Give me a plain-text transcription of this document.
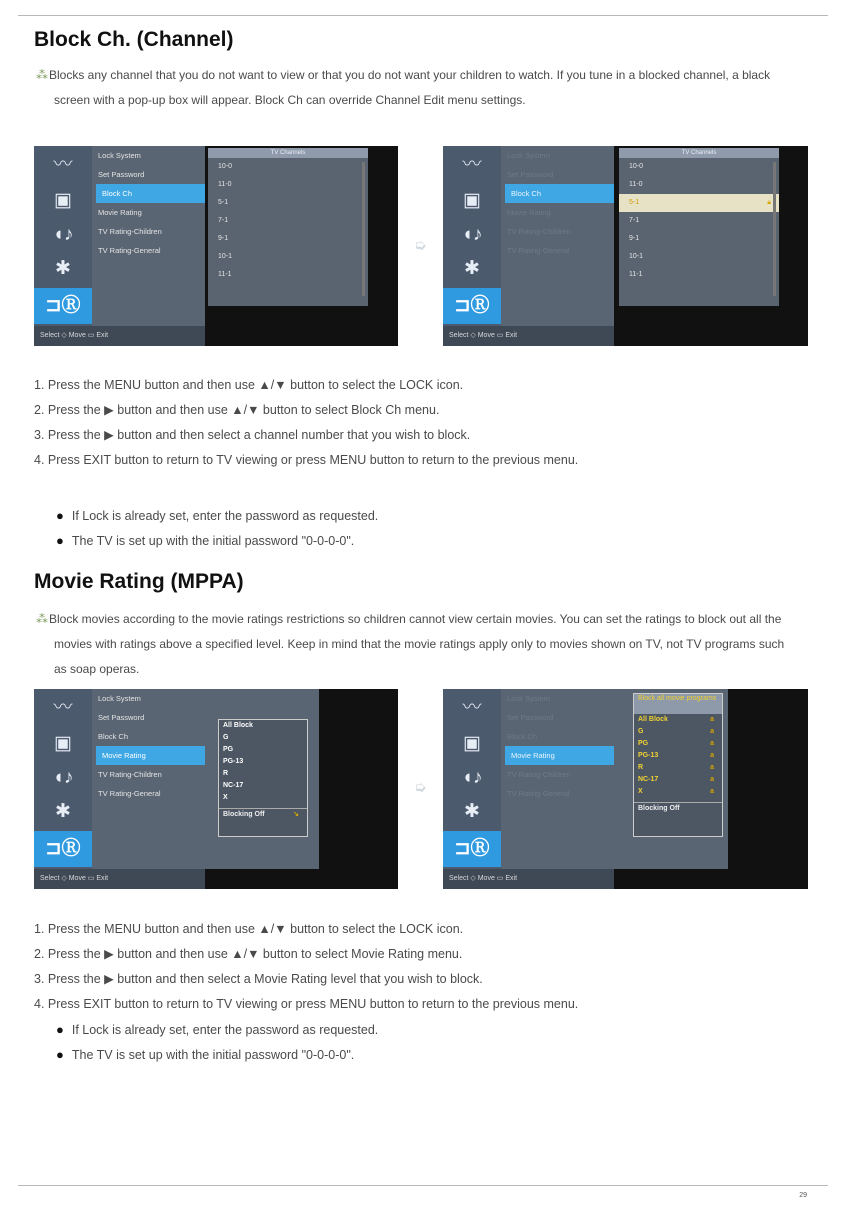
Block Ch. (Channel)

⁂ Blocks any channel that you do not want to view or that you do not want your children to watch. If you tune in a blocked channel, a black screen with a pop-up box will appear. Block Ch can override Channel Edit menu settings.

〰
▣
◖♪
✱
⊐Ⓡ
Lock System
Set Password
Block Ch
Movie Rating
TV Rating-Children
TV Rating-General
TV Channels
10-0
11-0
5-1
7-1
9-1
10-1
11-1
Select ◇ Move ▭ Exit
➭
〰
▣
◖♪
✱
⊐Ⓡ
Lock System
Set Password
Block Ch
Movie Rating
TV Rating-Children
TV Rating-General
TV Channels
10-0
11-0
5-1	🔒︎
7-1
9-1
10-1
11-1
Select ◇ Move ▭ Exit
1. Press the MENU button and then use ▲/▼ button to select the LOCK icon.
2. Press the ▶ button and then use ▲/▼ button to select Block Ch menu.
3. Press the ▶ button and then select a channel number that you wish to block.
4. Press EXIT button to return to TV viewing or press MENU button to return to the previous menu.
● If Lock is already set, enter the password as requested.
● The TV is set up with the initial password "0-0-0-0".
Movie Rating (MPPA)

⁂ Block movies according to the movie ratings restrictions so children cannot view certain movies. You can set the ratings to block out all the movies with ratings above a specified level. Keep in mind that the movie ratings apply only to movies shown on TV, not TV programs such as soap operas.

〰
▣
◖♪
✱
⊐Ⓡ
Lock System
Set Password
Block Ch
Movie Rating
TV Rating-Children
TV Rating-General
All Block
G
PG
PG-13
R
NC-17
X
Blocking Off	↘
Select ◇ Move ▭ Exit
➭
〰
▣
◖♪
✱
⊐Ⓡ
Lock System
Set Password
Block Ch
Movie Rating
TV Rating-Children
TV Rating-General
Block all movie programs
All Block	a
G	a
PG	a
PG-13	a
R	a
NC-17	a
X	a
Blocking Off
Select ◇ Move ▭ Exit
1. Press the MENU button and then use ▲/▼ button to select the LOCK icon.
2. Press the ▶ button and then use ▲/▼ button to select Movie Rating menu.
3. Press the ▶ button and then select a Movie Rating level that you wish to block.
4. Press EXIT button to return to TV viewing or press MENU button to return to the previous menu.
● If Lock is already set, enter the password as requested.
● The TV is set up with the initial password "0-0-0-0".
29
